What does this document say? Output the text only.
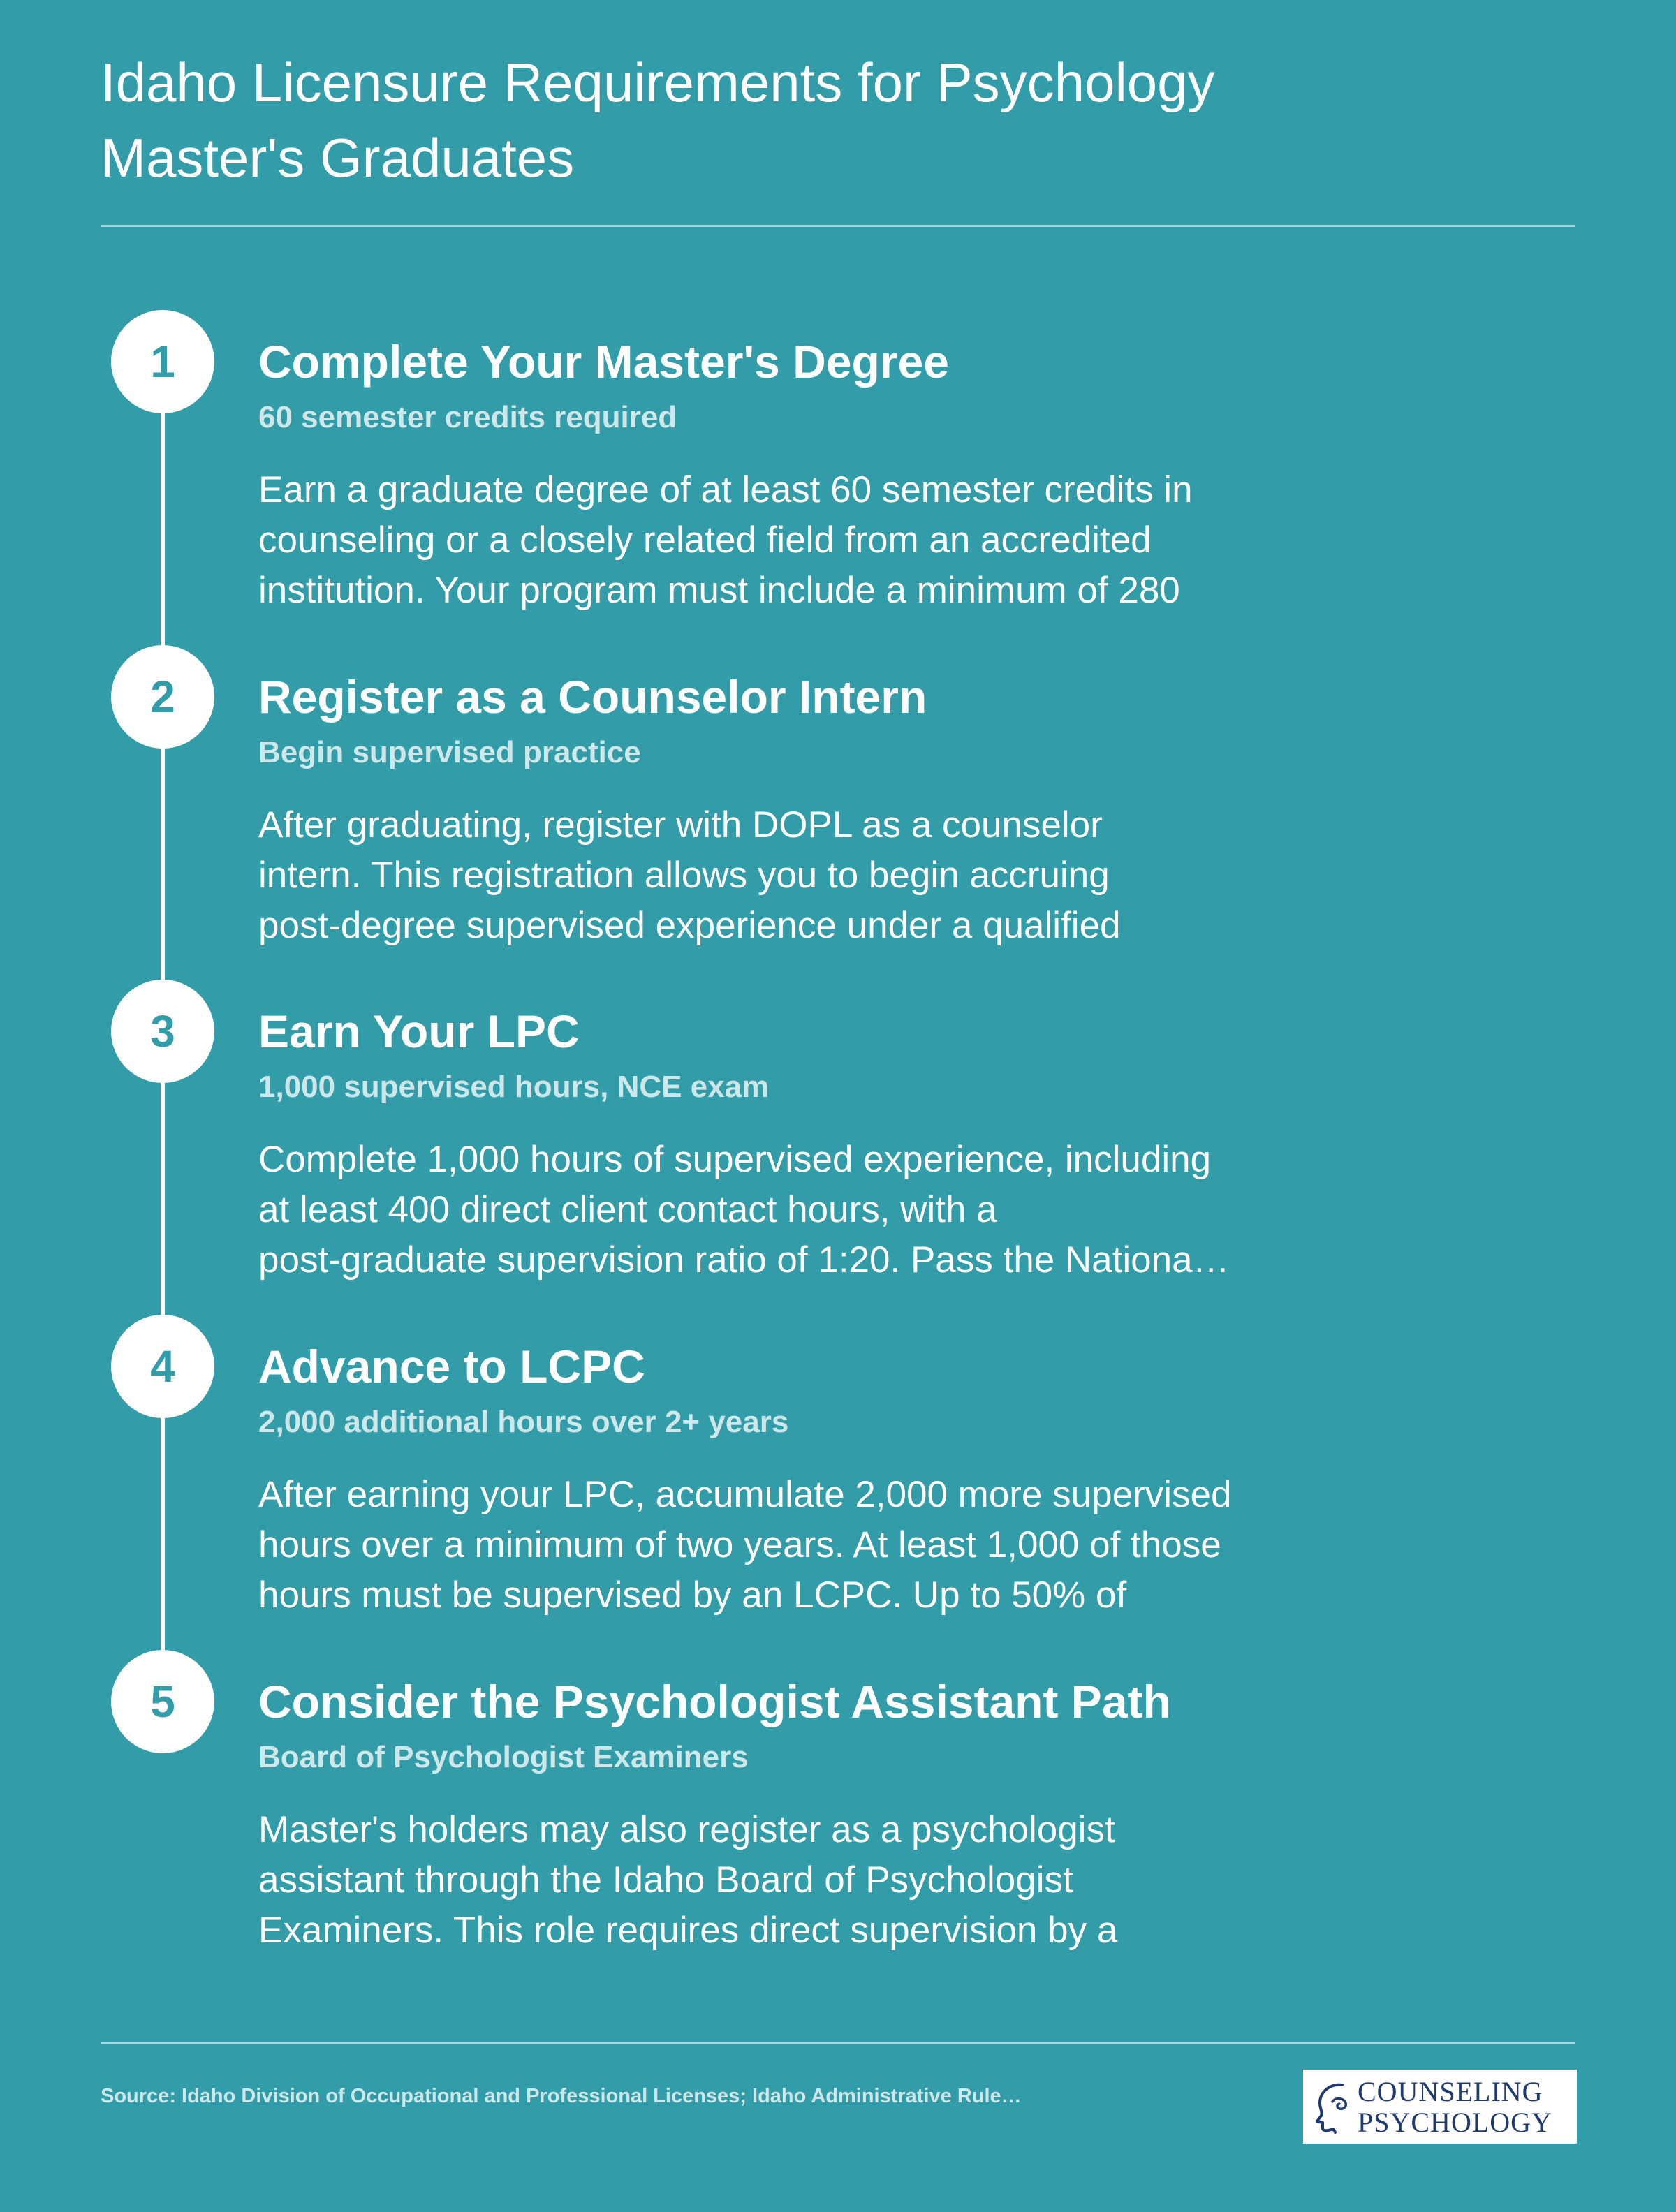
Idaho Licensure Requirements for Psychology
Master's Graduates
1	Complete Your Master's Degree
60 semester credits required
Earn a graduate degree of at least 60 semester credits in
counseling or a closely related field from an accredited
institution. Your program must include a minimum of 280
2	Register as a Counselor Intern
Begin supervised practice
After graduating, register with DOPL as a counselor
intern. This registration allows you to begin accruing
post-degree supervised experience under a qualified
3	Earn Your LPC
1,000 supervised hours, NCE exam
Complete 1,000 hours of supervised experience, including
at least 400 direct client contact hours, with a
post-graduate supervision ratio of 1:20. Pass the Nationa…
4	Advance to LCPC
2,000 additional hours over 2+ years
After earning your LPC, accumulate 2,000 more supervised
hours over a minimum of two years. At least 1,000 of those
hours must be supervised by an LCPC. Up to 50% of
5	Consider the Psychologist Assistant Path
Board of Psychologist Examiners
Master's holders may also register as a psychologist
assistant through the Idaho Board of Psychologist
Examiners. This role requires direct supervision by a
Source: Idaho Division of Occupational and Professional Licenses; Idaho Administrative Rule…	COUNSELING
PSYCHOLOGY
